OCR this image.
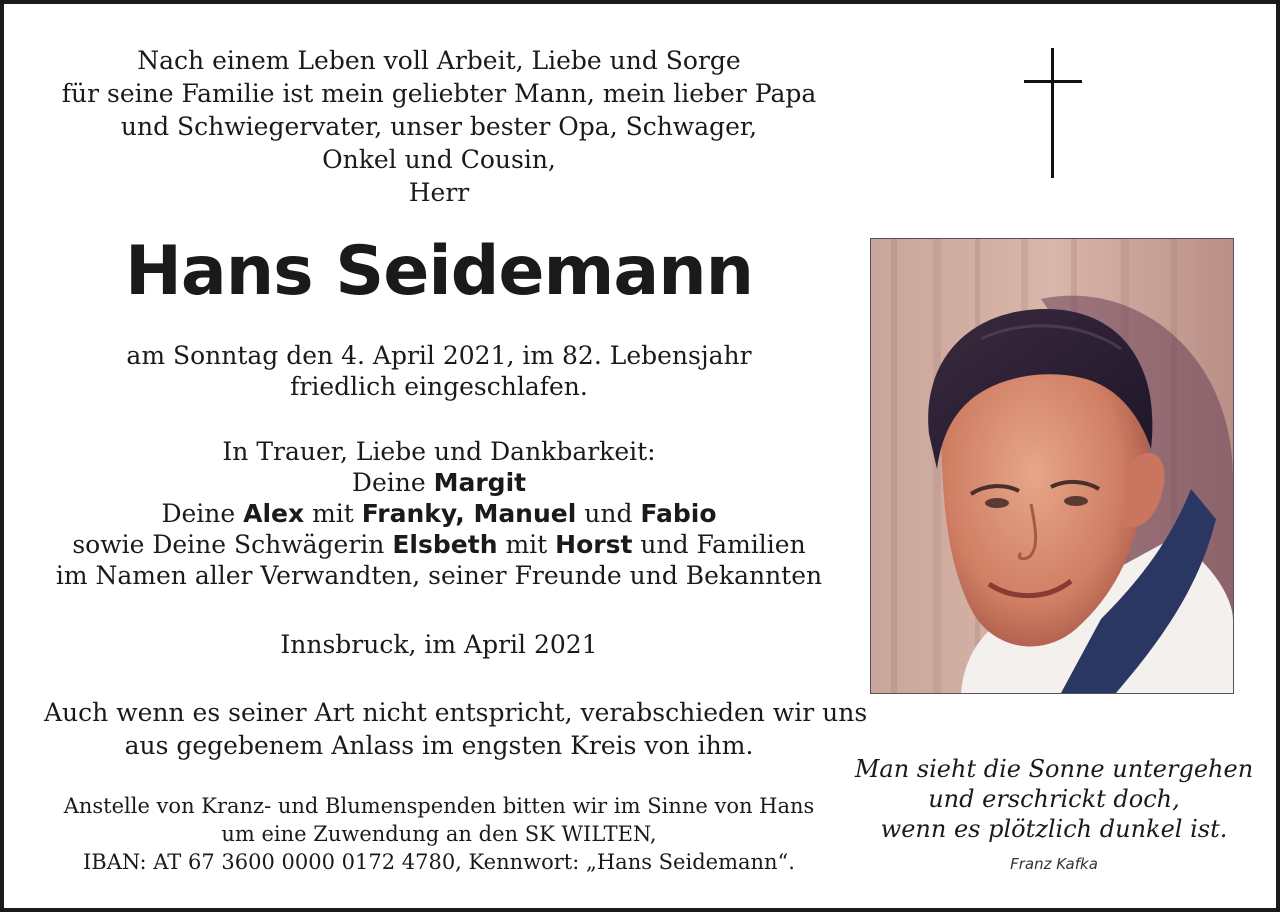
Nach einem Leben voll Arbeit, Liebe und Sorge
für seine Familie ist mein geliebter Mann, mein lieber Papa
und Schwiegervater, unser bester Opa, Schwager,
Onkel und Cousin,
Herr
Hans Seidemann
am Sonntag den 4. April 2021, im 82. Lebensjahr
friedlich eingeschlafen.
In Trauer, Liebe und Dankbarkeit:
Deine Margit
Deine Alex mit Franky, Manuel und Fabio
sowie Deine Schwägerin Elsbeth mit Horst und Familien
im Namen aller Verwandten, seiner Freunde und Bekannten
Innsbruck, im April 2021
Auch wenn es seiner Art nicht entspricht, verabschieden wir uns
aus gegebenem Anlass im engsten Kreis von ihm.
Anstelle von Kranz- und Blumenspenden bitten wir im Sinne von Hans
um eine Zuwendung an den SK WILTEN,
IBAN: AT 67 3600 0000 0172 4780, Kennwort: „Hans Seidemann“.
Man sieht die Sonne untergehen
und erschrickt doch,
wenn es plötzlich dunkel ist.
Franz Kafka
